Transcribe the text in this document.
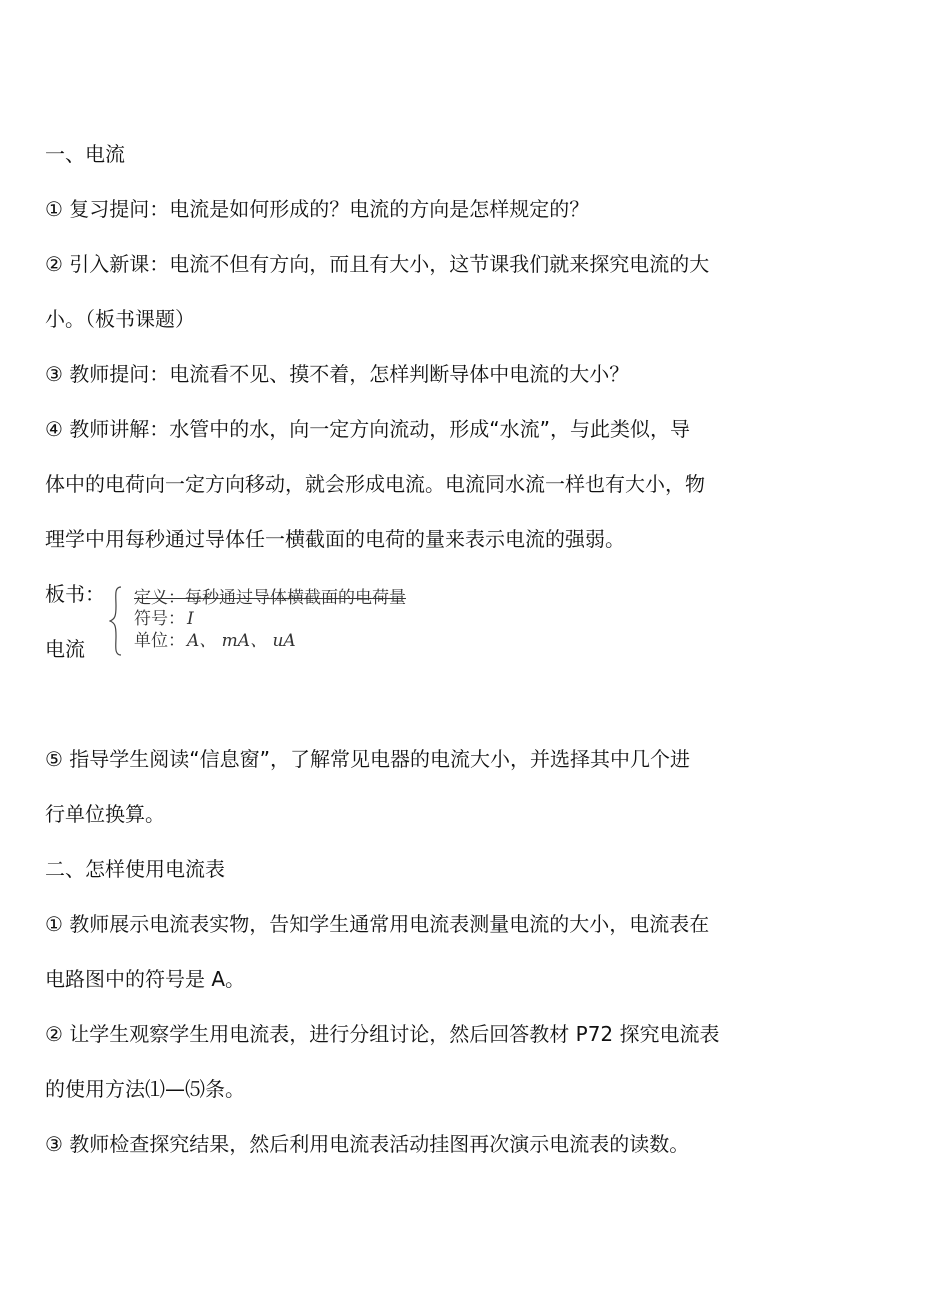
一、电流
① 复习提问：电流是如何形成的？电流的方向是怎样规定的？
② 引入新课：电流不但有方向，而且有大小，这节课我们就来探究电流的大
小。（板书课题）
③ 教师提问：电流看不见、摸不着，怎样判断导体中电流的大小？
④ 教师讲解：水管中的水，向一定方向流动，形成“水流”，与此类似，导
体中的电荷向一定方向移动，就会形成电流。电流同水流一样也有大小，物
理学中用每秒通过导体任一横截面的电荷的量来表示电流的强弱。
板书：
电流
定义：每秒通过导体横截面的电荷量
符号： I
单位： A、 mA、 uA
⑤ 指导学生阅读“信息窗”，了解常见电器的电流大小，并选择其中几个进
行单位换算。
二、怎样使用电流表
① 教师展示电流表实物，告知学生通常用电流表测量电流的大小，电流表在
电路图中的符号是 A。
② 让学生观察学生用电流表，进行分组讨论，然后回答教材 P72 探究电流表
的使用方法⑴—⑸条。
③ 教师检查探究结果，然后利用电流表活动挂图再次演示电流表的读数。
